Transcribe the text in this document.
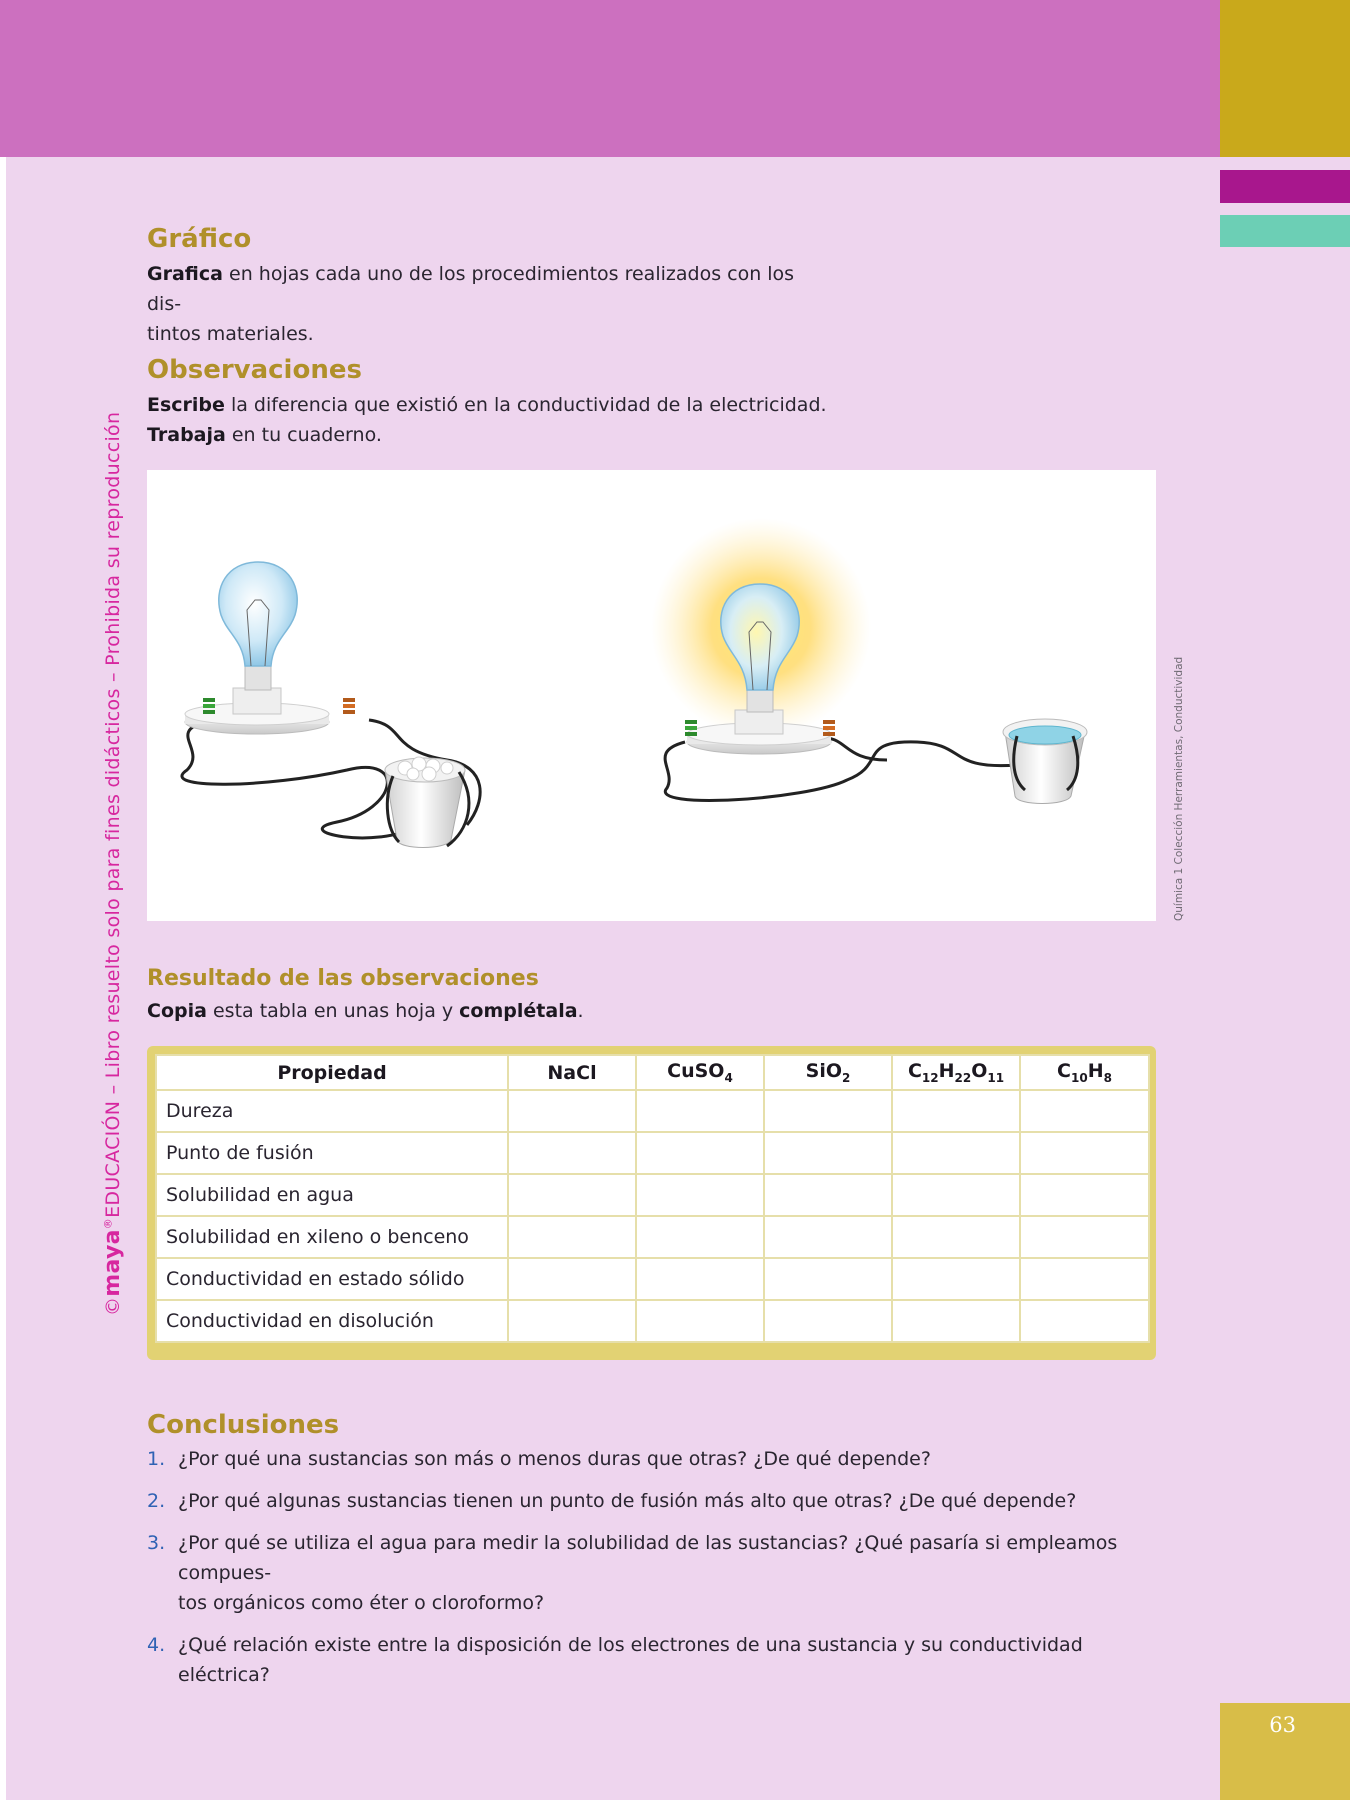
©maya®EDUCACIÓN – Libro resuelto solo para fines didácticos – Prohibida su reproducción
Gráfico

Grafica en hojas cada uno de los procedimientos realizados con los dis-
tintos materiales.

Observaciones

Escribe la diferencia que existió en la conductividad de la electricidad.
Trabaja en tu cuaderno.

Química 1 Colección Herramientas, Conductividad
Resultado de las observaciones

Copia esta tabla en unas hoja y complétala.

Propiedad	NaCl	CuSO$_4$	SiO$_2$	$C_{12}H_{22}O_{11}$	$C_{10}H_8$
Dureza					
Punto de fusión					
Solubilidad en agua					
Solubilidad en xileno o benceno					
Conductividad en estado sólido					
Conductividad en disolución					
Conclusiones
1. ¿Por qué una sustancias son más o menos duras que otras? ¿De qué depende?
2. ¿Por qué algunas sustancias tienen un punto de fusión más alto que otras? ¿De qué depende?
3. ¿Por qué se utiliza el agua para medir la solubilidad de las sustancias? ¿Qué pasaría si empleamos compues-
tos orgánicos como éter o cloroformo?
4. ¿Qué relación existe entre la disposición de los electrones de una sustancia y su conductividad eléctrica?
63
